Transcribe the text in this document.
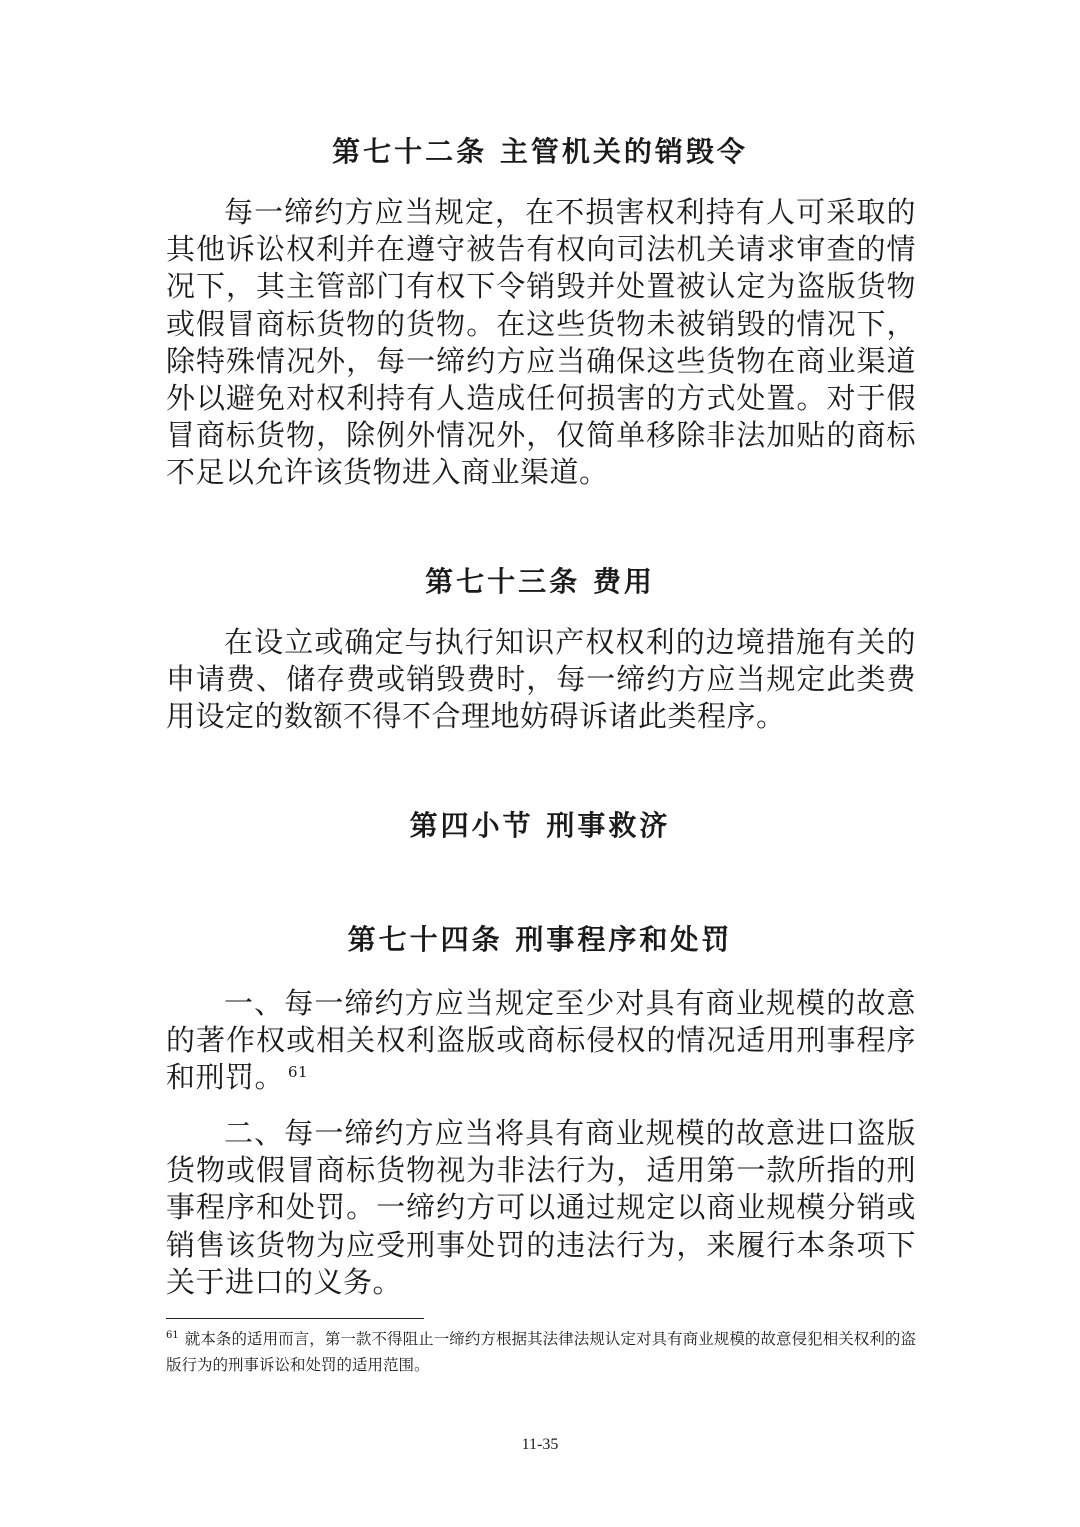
第七十二条 主管机关的销毁令

每一缔约方应当规定，在不损害权利持有人可采取的其他诉讼权利并在遵守被告有权向司法机关请求审查的情况下，其主管部门有权下令销毁并处置被认定为盗版货物或假冒商标货物的货物。在这些货物未被销毁的情况下，除特殊情况外，每一缔约方应当确保这些货物在商业渠道外以避免对权利持有人造成任何损害的方式处置。对于假冒商标货物，除例外情况外，仅简单移除非法加贴的商标不足以允许该货物进入商业渠道。

第七十三条 费用

在设立或确定与执行知识产权权利的边境措施有关的申请费、储存费或销毁费时，每一缔约方应当规定此类费用设定的数额不得不合理地妨碍诉诸此类程序。

第四小节 刑事救济
第七十四条 刑事程序和处罚

一、每一缔约方应当规定至少对具有商业规模的故意的著作权或相关权利盗版或商标侵权的情况适用刑事程序和刑罚。 $^{61}$

二、每一缔约方应当将具有商业规模的故意进口盗版货物或假冒商标货物视为非法行为，适用第一款所指的刑事程序和处罚。一缔约方可以通过规定以商业规模分销或销售该货物为应受刑事处罚的违法行为，来履行本条项下关于进口的义务。

$^{61}$ 就本条的适用而言，第一款不得阻止一缔约方根据其法律法规认定对具有商业规模的故意侵犯相关权利的盗版行为的刑事诉讼和处罚的适用范围。

11-35
